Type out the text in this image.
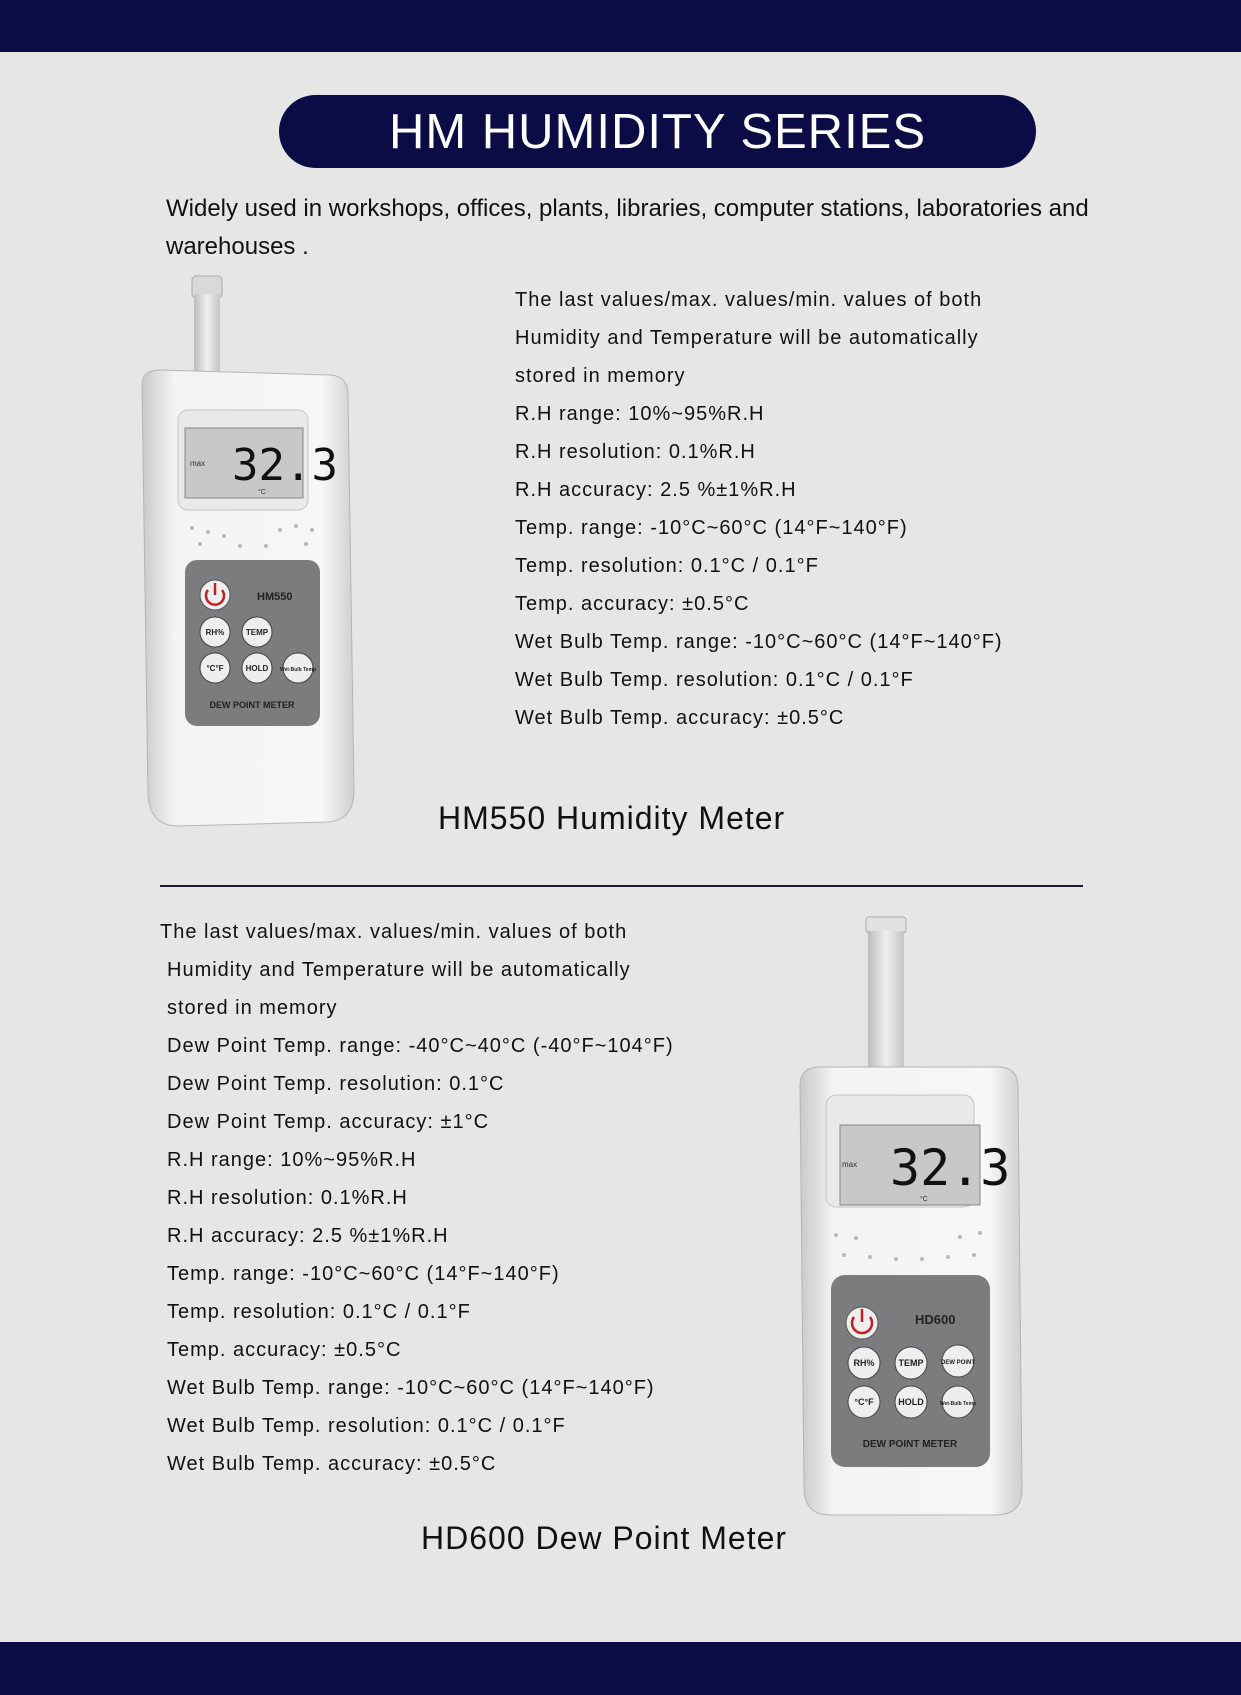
HM HUMIDITY SERIES
Widely used in workshops, offices, plants, libraries, computer stations, laboratories and warehouses .
max 32.3
°C
HM550
RH%	TEMP
°C°F	HOLD Wet-Bulb Temp
DEW POINT METER
The last values/max. values/min. values of both
Humidity and Temperature will be automatically
stored in memory
R.H range: 10%~95%R.H
R.H resolution: 0.1%R.H
R.H accuracy: 2.5 %±1%R.H
Temp. range: -10°C~60°C (14°F~140°F)
Temp. resolution: 0.1°C / 0.1°F
Temp. accuracy: ±0.5°C
Wet Bulb Temp. range: -10°C~60°C (14°F~140°F)
Wet Bulb Temp. resolution: 0.1°C / 0.1°F
Wet Bulb Temp. accuracy: ±0.5°C
HM550 Humidity Meter
The last values/max. values/min. values of both
Humidity and Temperature will be automatically
stored in memory
Dew Point Temp. range: -40°C~40°C (-40°F~104°F)
Dew Point Temp. resolution: 0.1°C
Dew Point Temp. accuracy: ±1°C
R.H range: 10%~95%R.H
R.H resolution: 0.1%R.H
R.H accuracy: 2.5 %±1%R.H
Temp. range: -10°C~60°C (14°F~140°F)
Temp. resolution: 0.1°C / 0.1°F
Temp. accuracy: ±0.5°C
Wet Bulb Temp. range: -10°C~60°C (14°F~140°F)
Wet Bulb Temp. resolution: 0.1°C / 0.1°F
Wet Bulb Temp. accuracy: ±0.5°C
max 32.3
°C
HD600
RH%	TEMP	DEW POINT
°C°F	HOLD	Wet-Bulb Temp
DEW POINT METER
HD600 Dew Point Meter
